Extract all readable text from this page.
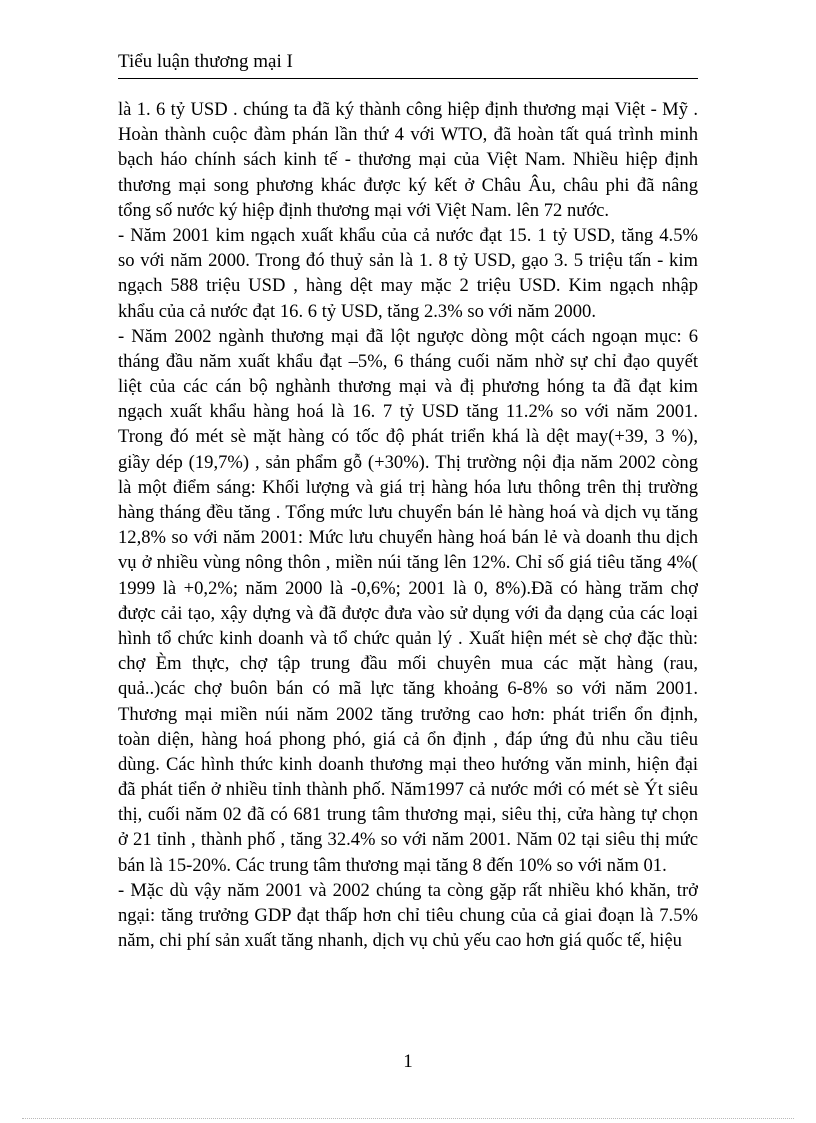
Tiểu luận thương mại I
là 1. 6 tỷ USD . chúng ta đã ký thành công hiệp định thương mại Việt - Mỹ .
Hoàn thành cuộc đàm phán lần thứ 4 với WTO, đã hoàn tất quá trình minh
bạch háo chính sách kinh tế - thương mại của Việt Nam. Nhiều hiệp định
thương mại song phương khác được ký kết ở Châu Âu, châu phi đã nâng
tổng số nước ký hiệp định thương mại với Việt Nam. lên 72 nước.
- Năm 2001 kim ngạch xuất khẩu của cả nước đạt 15. 1 tỷ USD, tăng 4.5%
so với năm 2000. Trong đó thuỷ sản là 1. 8 tỷ USD, gạo 3. 5 triệu tấn - kim
ngạch 588 triệu USD , hàng dệt may mặc 2 triệu USD. Kim ngạch nhập
khẩu của cả nước đạt 16. 6 tỷ USD, tăng 2.3% so với năm 2000.
- Năm 2002 ngành thương mại đã lột ngược dòng một cách ngoạn mục: 6
tháng đầu năm xuất khẩu đạt –5%, 6 tháng cuối năm nhờ sự chỉ đạo quyết
liệt của các cán bộ nghành thương mại và đị phương hóng ta đã đạt kim
ngạch xuất khẩu hàng hoá là 16. 7 tỷ USD tăng 11.2% so với năm 2001.
Trong đó mét sè mặt hàng có tốc độ phát triển khá là dệt may(+39, 3 %),
giầy dép (19,7%) , sản phẩm gỗ (+30%). Thị trường nội địa năm 2002 còng
là một điểm sáng: Khối lượng và giá trị hàng hóa lưu thông trên thị trường
hàng tháng đều tăng . Tổng mức lưu chuyển bán lẻ hàng hoá và dịch vụ tăng
12,8% so với năm 2001: Mức lưu chuyển hàng hoá bán lẻ và doanh thu dịch
vụ ở nhiều vùng nông thôn , miền núi tăng lên 12%. Chỉ số giá tiêu tăng 4%(
1999 là +0,2%; năm 2000 là -0,6%; 2001 là 0, 8%).Đã có hàng trăm chợ
được cải tạo, xậy dựng và đã được đưa vào sử dụng với đa dạng của các loại
hình tổ chức kinh doanh và tổ chức quản lý . Xuất hiện mét sè chợ đặc thù:
chợ Èm thực, chợ tập trung đầu mối chuyên mua các mặt hàng (rau,
quả..)các chợ buôn bán có mã lực tăng khoảng 6-8% so với năm 2001.
Thương mại miền núi năm 2002 tăng trưởng cao hơn: phát triển ổn định,
toàn diện, hàng hoá phong phó, giá cả ổn định , đáp ứng đủ nhu cầu tiêu
dùng. Các hình thức kinh doanh thương mại theo hướng văn minh, hiện đại
đã phát tiển ở nhiều tỉnh thành phố. Năm1997 cả nước mới có mét sè Ýt siêu
thị, cuối năm 02 đã có 681 trung tâm thương mại, siêu thị, cửa hàng tự chọn
ở 21 tỉnh , thành phố , tăng 32.4% so với năm 2001. Năm 02 tại siêu thị mức
bán là 15-20%. Các trung tâm thương mại tăng 8 đến 10% so với năm 01.
- Mặc dù vậy năm 2001 và 2002 chúng ta còng gặp rất nhiều khó khăn, trở
ngại: tăng trưởng GDP đạt thấp hơn chỉ tiêu chung của cả giai đoạn là 7.5%
năm, chi phí sản xuất tăng nhanh, dịch vụ chủ yếu cao hơn giá quốc tế, hiệu
1
